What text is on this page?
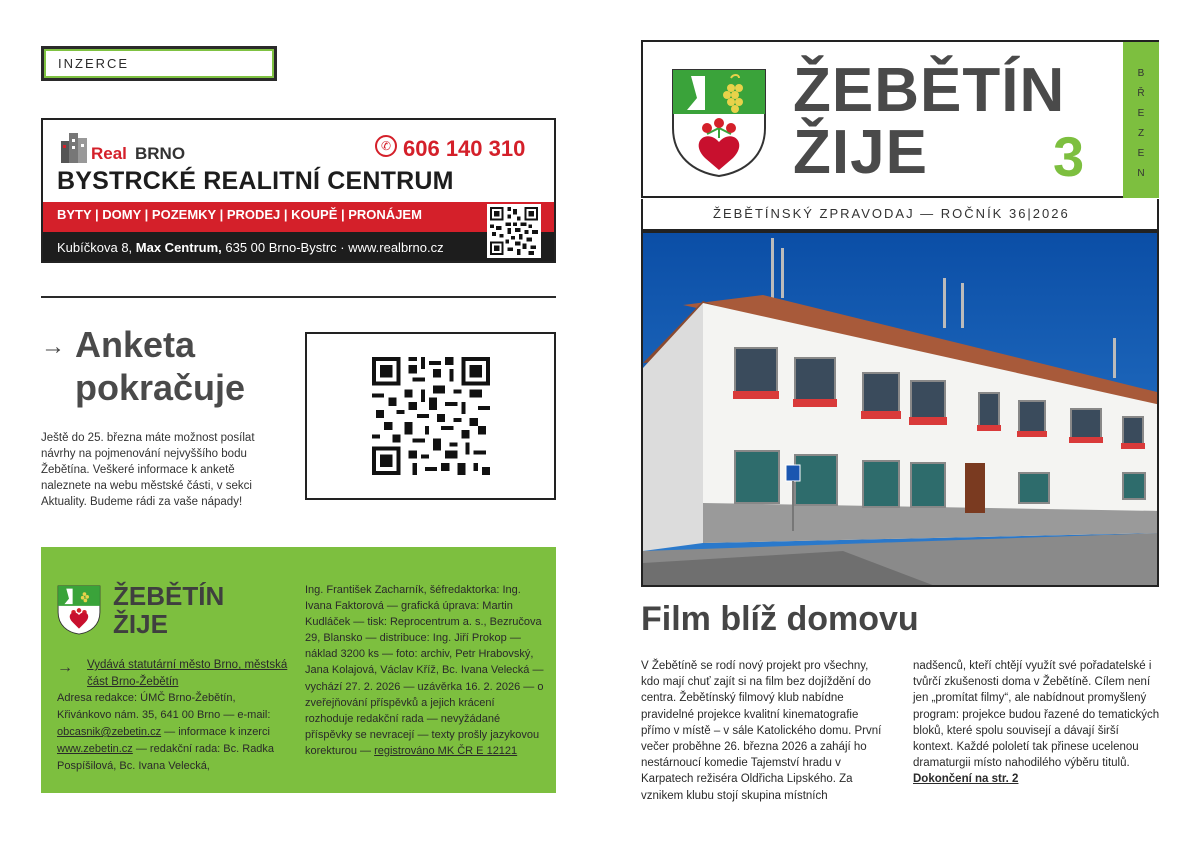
INZERCE
Real BRNO	✆ 606 140 310
BYSTRCKÉ REALITNÍ CENTRUM
BYTY | DOMY | POZEMKY | PRODEJ | KOUPĚ | PRONÁJEM
Kubíčkova 8, Max Centrum, 635 00 Brno-Bystrc · www.realbrno.cz
→ Anketa pokračuje
Ještě do 25. března máte možnost posílat návrhy na pojmenování nejvyššího bodu Žebětína. Veškeré informace k anketě naleznete na webu městské části, v sekci Aktuality. Budeme rádi za vaše nápady!
ŽEBĚTÍN
ŽIJE
→ Vydává statutární město Brno, městská část Brno-Žebětín
Adresa redakce: ÚMČ Brno-Žebětín, Křivánkovo nám. 35, 641 00 Brno — e-mail: obcasnik@zebetin.cz — informace k inzerci www.zebetin.cz — redakční rada: Bc. Radka Pospíšilová, Bc. Ivana Velecká,
Ing. František Zacharník, šéfredaktorka: Ing. Ivana Faktorová — grafická úprava: Martin Kudláček — tisk: Reprocentrum a. s., Bezručova 29, Blansko — distribuce: Ing. Jiří Prokop — náklad 3200 ks — foto: archiv, Petr Hrabovský, Jana Kolajová, Václav Kříž, Bc. Ivana Velecká — vychází 27. 2. 2026 — uzávěrka 16. 2. 2026 — o zveřejňování příspěvků a jejich krácení rozhoduje redakční rada — nevyžádané příspěvky se nevracejí — texty prošly jazykovou korekturou — registrováno MK ČR E 12121
ŽEBĚTÍN
ŽIJE	3
B
Ř
E
Z
E
N
ŽEBĚTÍNSKÝ ZPRAVODAJ — ROČNÍK 36|2026
Film blíž domovu
V Žebětíně se rodí nový projekt pro všechny, kdo mají chuť zajít si na film bez dojíždění do centra. Žebětínský filmový klub nabídne pravidelné projekce kvalitní kinematografie přímo v místě – v sále Katolického domu. První večer proběhne 26. března 2026 a zahájí ho nestárnoucí komedie Tajemství hradu v Karpatech režiséra Oldřicha Lipského. Za vznikem klubu stojí skupina místních
nadšenců, kteří chtějí využít své pořadatelské i tvůrčí zkušenosti doma v Žebětíně. Cílem není jen „promítat filmy“, ale nabídnout promyšlený program: projekce budou řazené do tematických bloků, které spolu souvisejí a dávají širší kontext. Každé pololetí tak přinese ucelenou dramaturgii místo nahodilého výběru titulů.
Dokončení na str. 2
